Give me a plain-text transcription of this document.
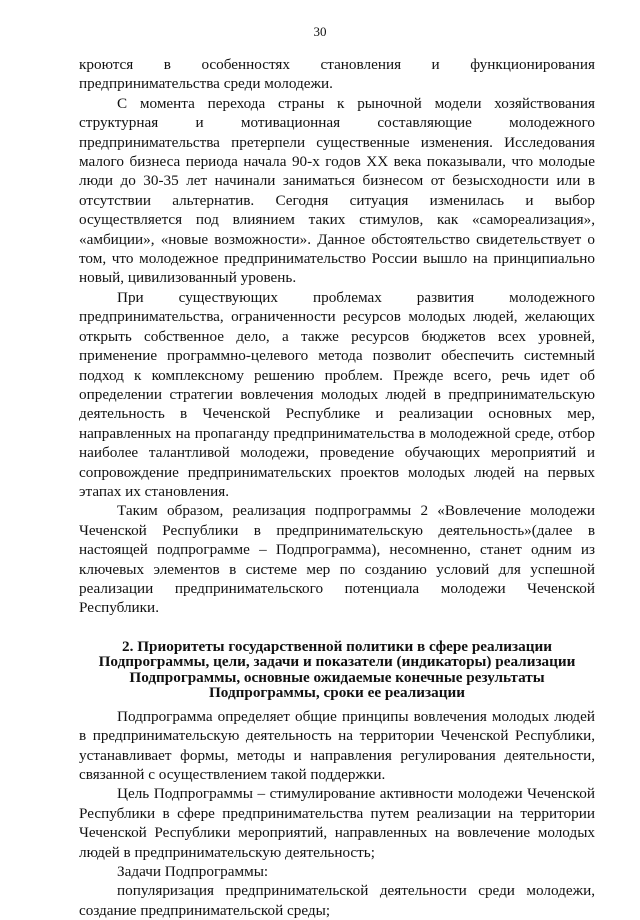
30

кроются в особенностях становления и функционирования предпринимательства среди молодежи.

С момента перехода страны к рыночной модели хозяйствования структурная и мотивационная составляющие молодежного предпринимательства претерпели существенные изменения. Исследования малого бизнеса периода начала 90-х годов XX века показывали, что молодые люди до 30-35 лет начинали заниматься бизнесом от безысходности или в отсутствии альтернатив. Сегодня ситуация изменилась и выбор осуществляется под влиянием таких стимулов, как «самореализация», «амбиции», «новые возможности». Данное обстоятельство свидетельствует о том, что молодежное предпринимательство России вышло на принципиально новый, цивилизованный уровень.

При существующих проблемах развития молодежного предпринимательства, ограниченности ресурсов молодых людей, желающих открыть собственное дело, а также ресурсов бюджетов всех уровней, применение программно-целевого метода позволит обеспечить системный подход к комплексному решению проблем. Прежде всего, речь идет об определении стратегии вовлечения молодых людей в предпринимательскую деятельность в Чеченской Республике и реализации основных мер, направленных на пропаганду предпринимательства в молодежной среде, отбор наиболее талантливой молодежи, проведение обучающих мероприятий и сопровождение предпринимательских проектов молодых людей на первых этапах их становления.

Таким образом, реализация подпрограммы 2 «Вовлечение молодежи Чеченской Республики в предпринимательскую деятельность»(далее в настоящей подпрограмме – Подпрограмма), несомненно, станет одним из ключевых элементов в системе мер по созданию условий для успешной реализации предпринимательского потенциала молодежи Чеченской Республики.

2. Приоритеты государственной политики в сфере реализации
Подпрограммы, цели, задачи и показатели (индикаторы) реализации
Подпрограммы, основные ожидаемые конечные результаты
Подпрограммы, сроки ее реализации

Подпрограмма определяет общие принципы вовлечения молодых людей в предпринимательскую деятельность на территории Чеченской Республики, устанавливает формы, методы и направления регулирования деятельности, связанной с осуществлением такой поддержки.

Цель Подпрограммы – стимулирование активности молодежи Чеченской Республики в сфере предпринимательства путем реализации на территории Чеченской Республики мероприятий, направленных на вовлечение молодых людей в предпринимательскую деятельность;

Задачи Подпрограммы:

популяризация предпринимательской деятельности среди молодежи, создание предпринимательской среды;
